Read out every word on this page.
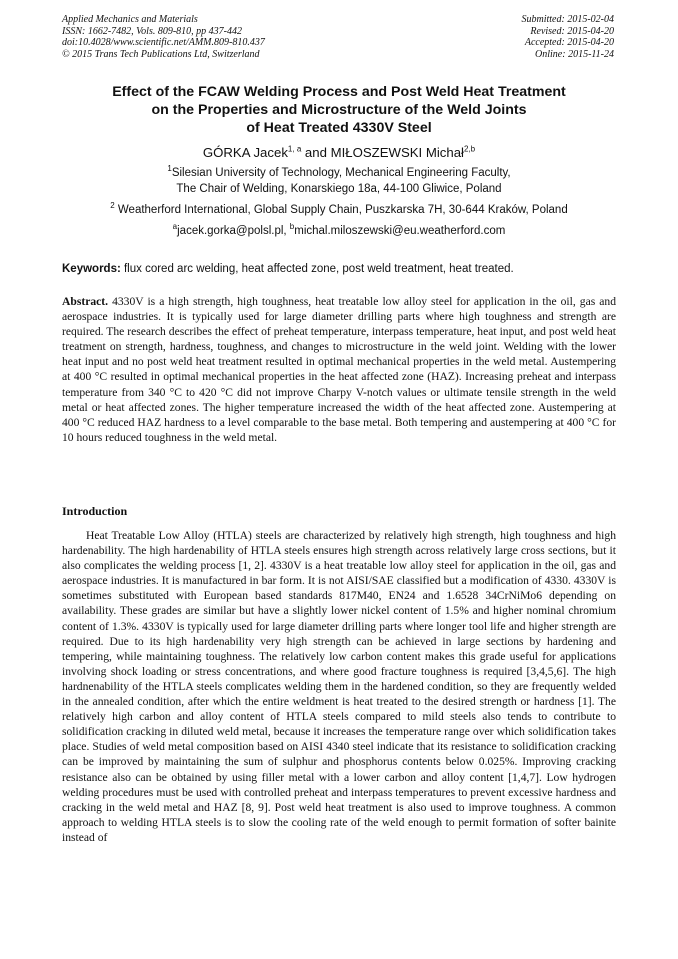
Applied Mechanics and Materials
ISSN: 1662-7482, Vols. 809-810, pp 437-442
doi:10.4028/www.scientific.net/AMM.809-810.437
© 2015 Trans Tech Publications Ltd, Switzerland
Submitted: 2015-02-04
Revised: 2015-04-20
Accepted: 2015-04-20
Online: 2015-11-24
Effect of the FCAW Welding Process and Post Weld Heat Treatment
on the Properties and Microstructure of the Weld Joints
of Heat Treated 4330V Steel
GÓRKA Jacek$^{1, a}$ and MIŁOSZEWSKI Michał$^{2,b}$
$^1$Silesian University of Technology, Mechanical Engineering Faculty,
The Chair of Welding, Konarskiego 18a, 44-100 Gliwice, Poland
$^2$ Weatherford International, Global Supply Chain, Puszkarska 7H, 30-644 Kraków, Poland
$^a$jacek.gorka@polsl.pl, $^b$michal.miloszewski@eu.weatherford.com
Keywords: flux cored arc welding, heat affected zone, post weld treatment, heat treated.

Abstract. 4330V is a high strength, high toughness, heat treatable low alloy steel for application in the oil, gas and aerospace industries. It is typically used for large diameter drilling parts where high toughness and strength are required. The research describes the effect of preheat temperature, interpass temperature, heat input, and post weld heat treatment on strength, hardness, toughness, and changes to microstructure in the weld joint. Welding with the lower heat input and no post weld heat treatment resulted in optimal mechanical properties in the weld metal. Austempering at 400 °C resulted in optimal mechanical properties in the heat affected zone (HAZ). Increasing preheat and interpass temperature from 340 °C to 420 °C did not improve Charpy V-notch values or ultimate tensile strength in the weld metal or heat affected zones. The higher temperature increased the width of the heat affected zone. Austempering at 400 °C reduced HAZ hardness to a level comparable to the base metal. Both tempering and austempering at 400 °C for 10 hours reduced toughness in the weld metal.

Introduction

Heat Treatable Low Alloy (HTLA) steels are characterized by relatively high strength, high toughness and high hardenability. The high hardenability of HTLA steels ensures high strength across relatively large cross sections, but it also complicates the welding process [1, 2]. 4330V is a heat treatable low alloy steel for application in the oil, gas and aerospace industries. It is manufactured in bar form. It is not AISI/SAE classified but a modification of 4330. 4330V is sometimes substituted with European based standards 817M40, EN24 and 1.6528 34CrNiMo6 depending on availability. These grades are similar but have a slightly lower nickel content of 1.5% and higher nominal chromium content of 1.3%. 4330V is typically used for large diameter drilling parts where longer tool life and higher strength are required. Due to its high hardenability very high strength can be achieved in large sections by hardening and tempering, while maintaining toughness. The relatively low carbon content makes this grade useful for applications involving shock loading or stress concentrations, and where good fracture toughness is required [3,4,5,6]. The high hardnenability of the HTLA steels complicates welding them in the hardened condition, so they are frequently welded in the annealed condition, after which the entire weldment is heat treated to the desired strength or hardness [1]. The relatively high carbon and alloy content of HTLA steels compared to mild steels also tends to contribute to solidification cracking in diluted weld metal, because it increases the temperature range over which solidification takes place. Studies of weld metal composition based on AISI 4340 steel indicate that its resistance to solidification cracking can be improved by maintaining the sum of sulphur and phosphorus contents below 0.025%. Improving cracking resistance also can be obtained by using filler metal with a lower carbon and alloy content [1,4,7]. Low hydrogen welding procedures must be used with controlled preheat and interpass temperatures to prevent excessive hardness and cracking in the weld metal and HAZ [8, 9]. Post weld heat treatment is also used to improve toughness. A common approach to welding HTLA steels is to slow the cooling rate of the weld enough to permit formation of softer bainite instead of
